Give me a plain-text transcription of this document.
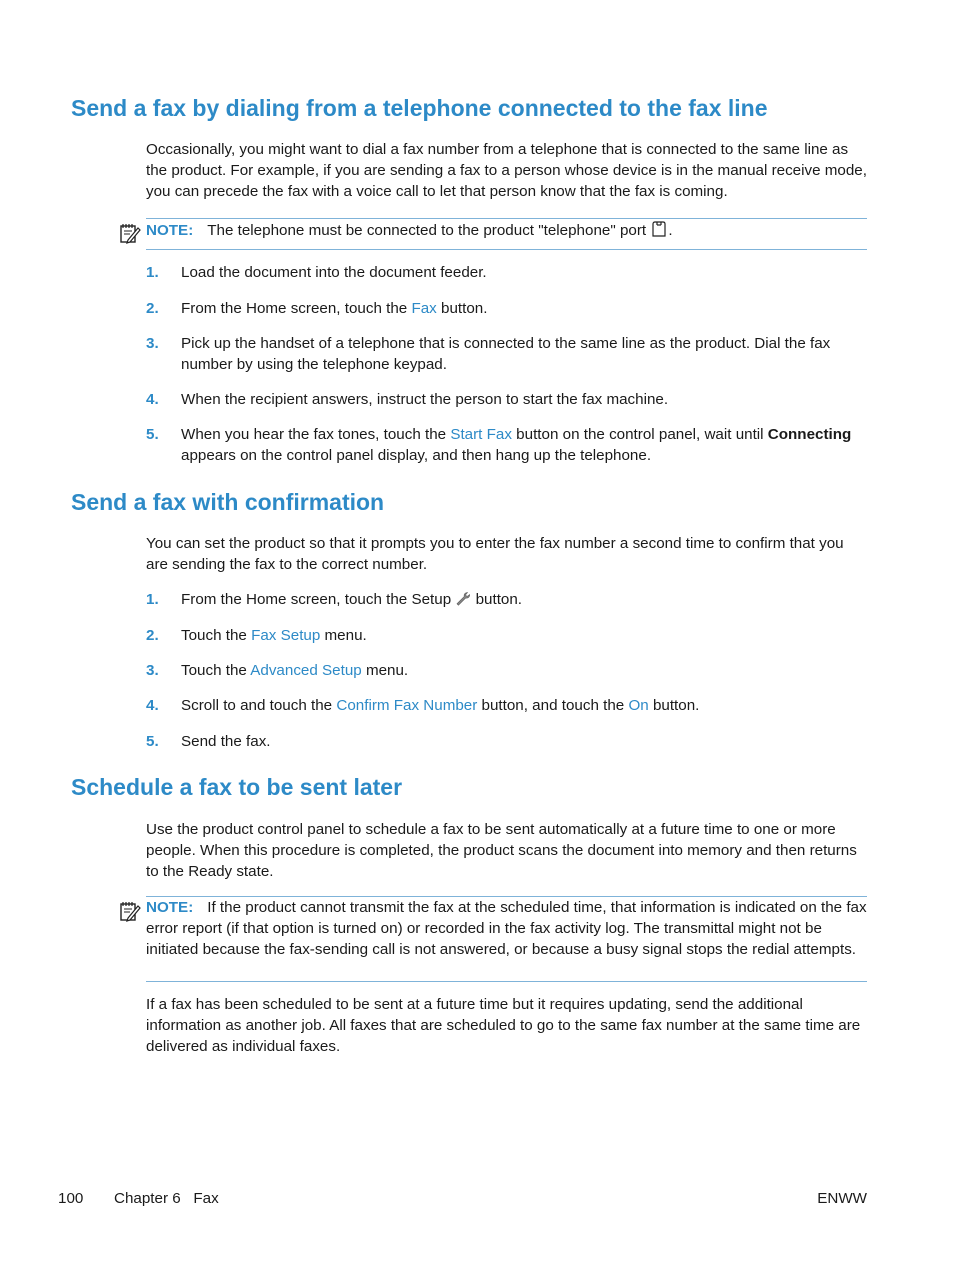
Send a fax by dialing from a telephone connected to the fax line

Occasionally, you might want to dial a fax number from a telephone that is connected to the same line as the product. For example, if you are sending a fax to a person whose device is in the manual receive mode, you can precede the fax with a voice call to let that person know that the fax is coming.

NOTE: The telephone must be connected to the product "telephone" port .
1. Load the document into the document feeder.
2. From the Home screen, touch the Fax button.
3. Pick up the handset of a telephone that is connected to the same line as the product. Dial the fax number by using the telephone keypad.
4. When the recipient answers, instruct the person to start the fax machine.
5. When you hear the fax tones, touch the Start Fax button on the control panel, wait until Connecting appears on the control panel display, and then hang up the telephone.
Send a fax with confirmation

You can set the product so that it prompts you to enter the fax number a second time to confirm that you are sending the fax to the correct number.

1. From the Home screen, touch the Setup  button.
2. Touch the Fax Setup menu.
3. Touch the Advanced Setup menu.
4. Scroll to and touch the Confirm Fax Number button, and touch the On button.
5. Send the fax.
Schedule a fax to be sent later

Use the product control panel to schedule a fax to be sent automatically at a future time to one or more people. When this procedure is completed, the product scans the document into memory and then returns to the Ready state.

NOTE: If the product cannot transmit the fax at the scheduled time, that information is indicated on the fax error report (if that option is turned on) or recorded in the fax activity log. The transmittal might not be initiated because the fax-sending call is not answered, or because a busy signal stops the redial attempts.

If a fax has been scheduled to be sent at a future time but it requires updating, send the additional information as another job. All faxes that are scheduled to go to the same fax number at the same time are delivered as individual faxes.

100 Chapter 6   Fax	ENWW
